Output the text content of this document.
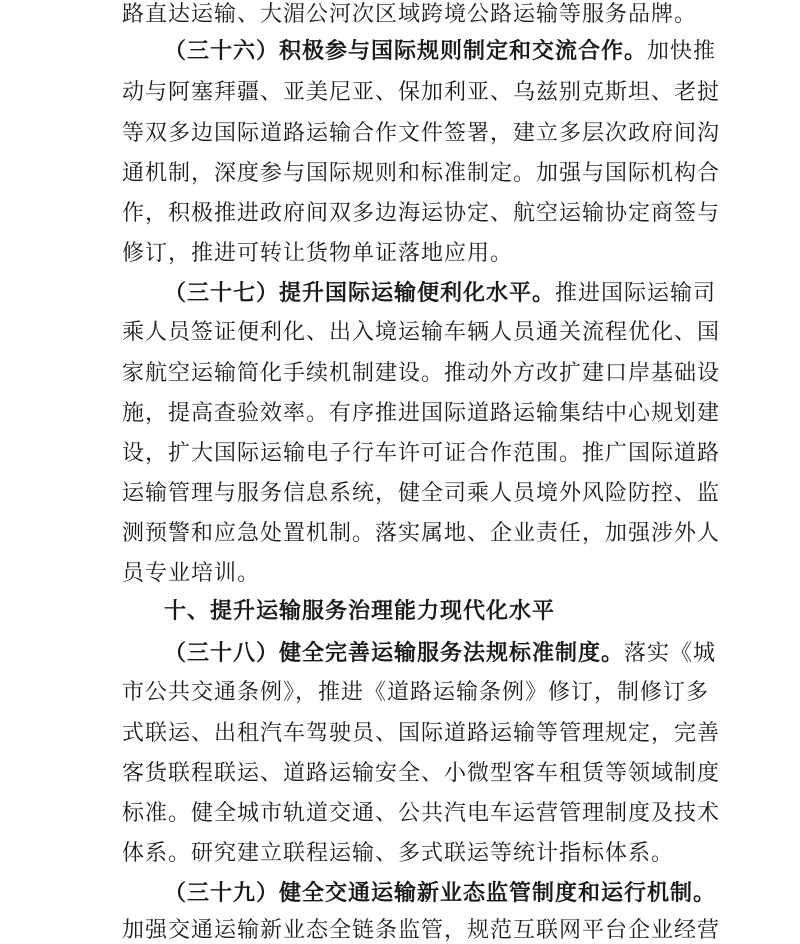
路直达运输、大湄公河次区域跨境公路运输等服务品牌。
（三十六）积极参与国际规则制定和交流合作。加快推
动与阿塞拜疆、亚美尼亚、保加利亚、乌兹别克斯坦、老挝
等双多边国际道路运输合作文件签署，建立多层次政府间沟
通机制，深度参与国际规则和标准制定。加强与国际机构合
作，积极推进政府间双多边海运协定、航空运输协定商签与
修订，推进可转让货物单证落地应用。
（三十七）提升国际运输便利化水平。推进国际运输司
乘人员签证便利化、出入境运输车辆人员通关流程优化、国
家航空运输简化手续机制建设。推动外方改扩建口岸基础设
施，提高查验效率。有序推进国际道路运输集结中心规划建
设，扩大国际运输电子行车许可证合作范围。推广国际道路
运输管理与服务信息系统，健全司乘人员境外风险防控、监
测预警和应急处置机制。落实属地、企业责任，加强涉外人
员专业培训。
十、提升运输服务治理能力现代化水平
（三十八）健全完善运输服务法规标准制度。落实《城
市公共交通条例》，推进《道路运输条例》修订，制修订多
式联运、出租汽车驾驶员、国际道路运输等管理规定，完善
客货联程联运、道路运输安全、小微型客车租赁等领域制度
标准。健全城市轨道交通、公共汽电车运营管理制度及技术
体系。研究建立联程运输、多式联运等统计指标体系。
（三十九）健全交通运输新业态监管制度和运行机制。
加强交通运输新业态全链条监管，规范互联网平台企业经营
